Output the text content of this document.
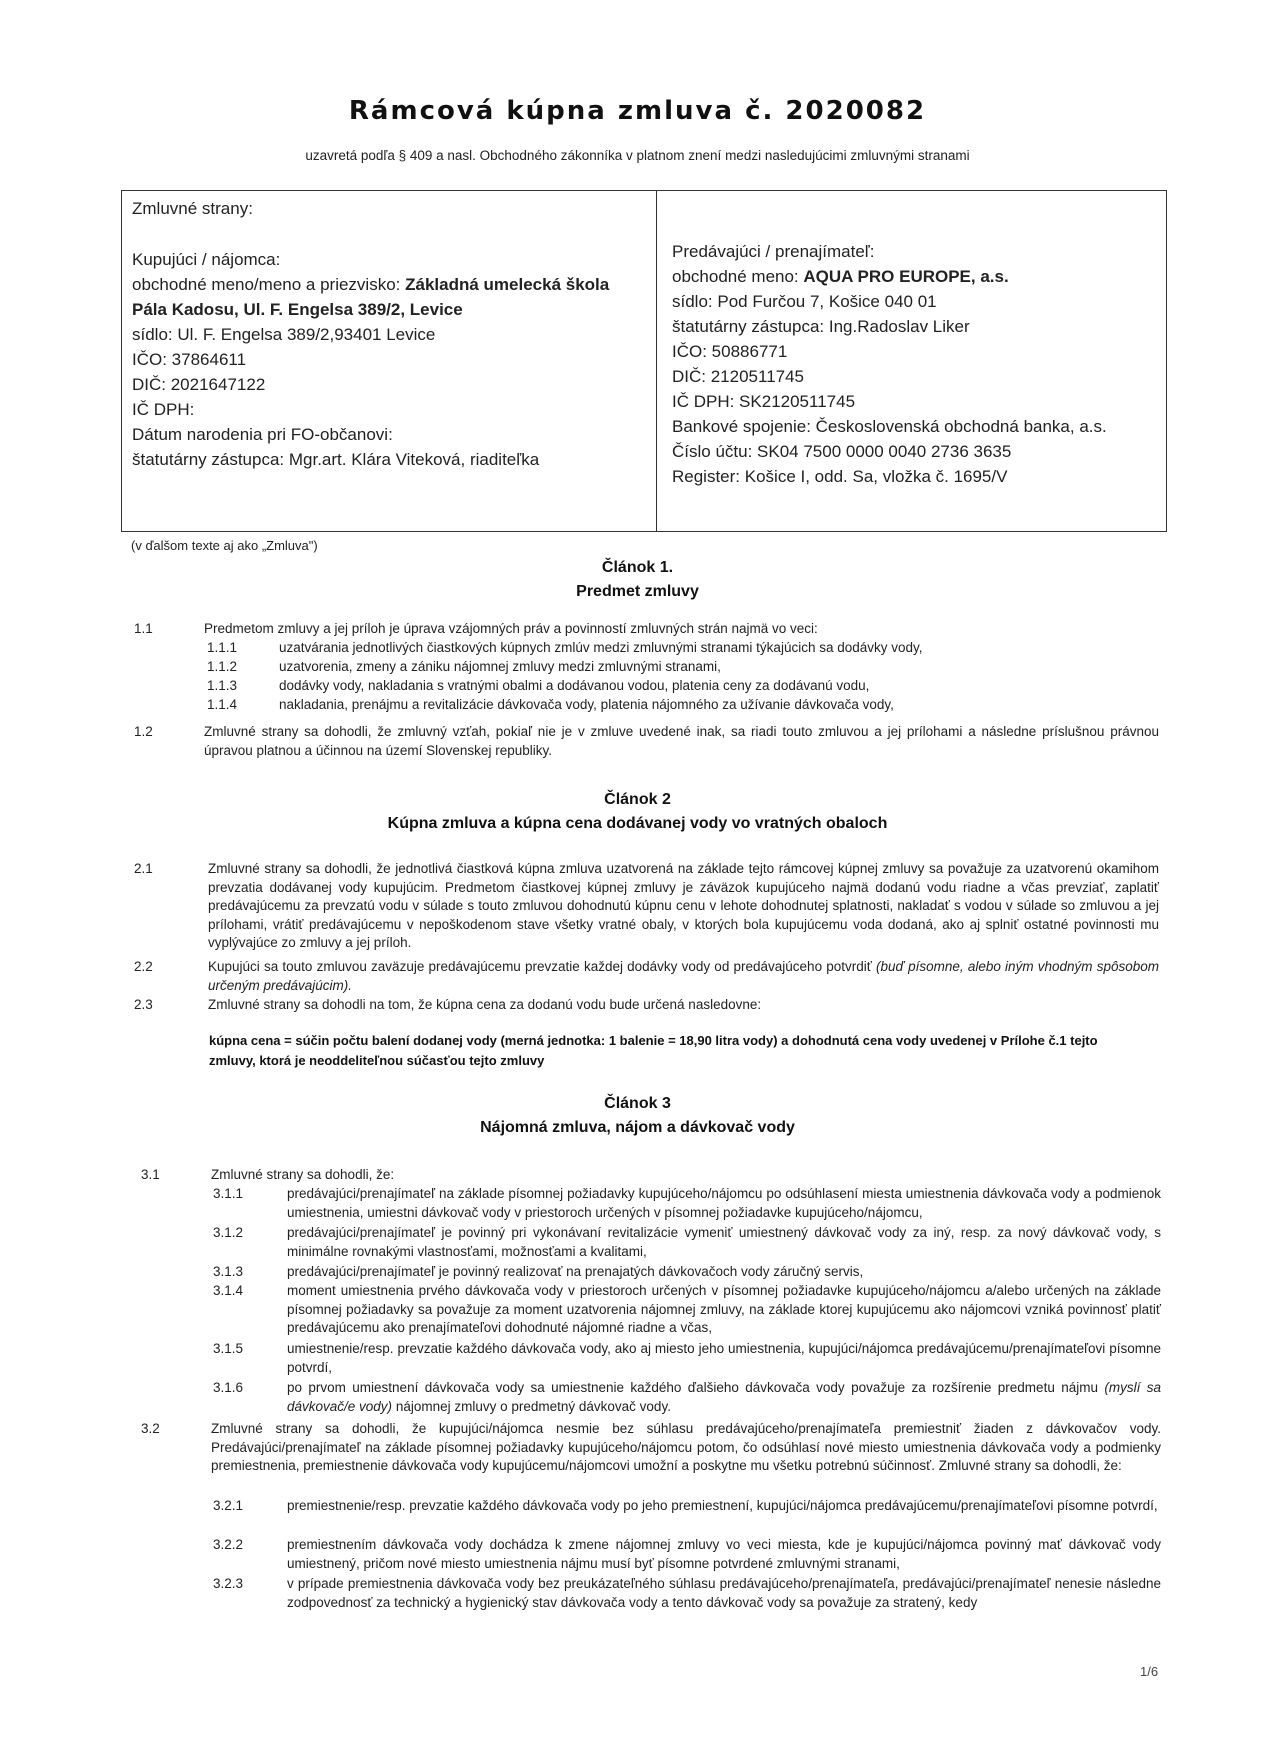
Rámcová kúpna zmluva č. 2020082
uzavretá podľa § 409 a nasl. Obchodného zákonníka v platnom znení medzi nasledujúcimi zmluvnými stranami
Zmluvné strany:
Kupujúci / nájomca:
obchodné meno/meno a priezvisko: Základná umelecká škola
Pála Kadosu, Ul. F. Engelsa 389/2, Levice
sídlo: Ul. F. Engelsa 389/2,93401 Levice
IČO: 37864611
DIČ: 2021647122
IČ DPH:
Dátum narodenia pri FO-občanovi:
štatutárny zástupca: Mgr.art. Klára Viteková, riaditeľka
Predávajúci / prenajímateľ:
obchodné meno: AQUA PRO EUROPE, a.s.
sídlo: Pod Furčou 7, Košice 040 01
štatutárny zástupca: Ing.Radoslav Liker
IČO: 50886771
DIČ: 2120511745
IČ DPH: SK2120511745
Bankové spojenie: Československá obchodná banka, a.s.
Číslo účtu: SK04 7500 0000 0040 2736 3635
Register: Košice I, odd. Sa, vložka č. 1695/V
(v ďalšom texte aj ako „Zmluva")
Článok 1.
Predmet zmluvy
1.1	Predmetom zmluvy a jej príloh je úprava vzájomných práv a povinností zmluvných strán najmä vo veci:
1.1.1	uzatvárania jednotlivých čiastkových kúpnych zmlúv medzi zmluvnými stranami týkajúcich sa dodávky vody,
1.1.2	uzatvorenia, zmeny a zániku nájomnej zmluvy medzi zmluvnými stranami,
1.1.3	dodávky vody, nakladania s vratnými obalmi a dodávanou vodou, platenia ceny za dodávanú vodu,
1.1.4	nakladania, prenájmu a revitalizácie dávkovača vody, platenia nájomného za užívanie dávkovača vody,
1.2	Zmluvné strany sa dohodli, že zmluvný vzťah, pokiaľ nie je v zmluve uvedené inak, sa riadi touto zmluvou a jej prílohami a následne príslušnou právnou úpravou platnou a účinnou na území Slovenskej republiky.
Článok 2
Kúpna zmluva a kúpna cena dodávanej vody vo vratných obaloch
2.1	Zmluvné strany sa dohodli, že jednotlivá čiastková kúpna zmluva uzatvorená na základe tejto rámcovej kúpnej zmluvy sa považuje za uzatvorenú okamihom prevzatia dodávanej vody kupujúcim. Predmetom čiastkovej kúpnej zmluvy je záväzok kupujúceho najmä dodanú vodu riadne a včas prevziať, zaplatiť predávajúcemu za prevzatú vodu v súlade s touto zmluvou dohodnutú kúpnu cenu v lehote dohodnutej splatnosti, nakladať s vodou v súlade so zmluvou a jej prílohami, vrátiť predávajúcemu v nepoškodenom stave všetky vratné obaly, v ktorých bola kupujúcemu voda dodaná, ako aj splniť ostatné povinnosti mu vyplývajúce zo zmluvy a jej príloh.
2.2	Kupujúci sa touto zmluvou zaväzuje predávajúcemu prevzatie každej dodávky vody od predávajúceho potvrdiť (buď písomne, alebo iným vhodným spôsobom určeným predávajúcim).
2.3	Zmluvné strany sa dohodli na tom, že kúpna cena za dodanú vodu bude určená nasledovne:
kúpna cena = súčin počtu balení dodanej vody (merná jednotka: 1 balenie = 18,90 litra vody) a dohodnutá cena vody uvedenej v Prílohe č.1 tejto zmluvy, ktorá je neoddeliteľnou súčasťou tejto zmluvy
Článok 3
Nájomná zmluva, nájom a dávkovač vody
3.1	Zmluvné strany sa dohodli, že:
3.1.1	predávajúci/prenajímateľ na základe písomnej požiadavky kupujúceho/nájomcu po odsúhlasení miesta umiestnenia dávkovača vody a podmienok umiestnenia, umiestni dávkovač vody v priestoroch určených v písomnej požiadavke kupujúceho/nájomcu,
3.1.2	predávajúci/prenajímateľ je povinný pri vykonávaní revitalizácie vymeniť umiestnený dávkovač vody za iný, resp. za nový dávkovač vody, s minimálne rovnakými vlastnosťami, možnosťami a kvalitami,
3.1.3	predávajúci/prenajímateľ je povinný realizovať na prenajatých dávkovačoch vody záručný servis,
3.1.4	moment umiestnenia prvého dávkovača vody v priestoroch určených v písomnej požiadavke kupujúceho/nájomcu a/alebo určených na základe písomnej požiadavky sa považuje za moment uzatvorenia nájomnej zmluvy, na základe ktorej kupujúcemu ako nájomcovi vzniká povinnosť platiť predávajúcemu ako prenajímateľovi dohodnuté nájomné riadne a včas,
3.1.5	umiestnenie/resp. prevzatie každého dávkovača vody, ako aj miesto jeho umiestnenia, kupujúci/nájomca predávajúcemu/prenajímateľovi písomne potvrdí,
3.1.6	po prvom umiestnení dávkovača vody sa umiestnenie každého ďalšieho dávkovača vody považuje za rozšírenie predmetu nájmu (myslí sa dávkovač/e vody) nájomnej zmluvy o predmetný dávkovač vody.
3.2	Zmluvné strany sa dohodli, že kupujúci/nájomca nesmie bez súhlasu predávajúceho/prenajímateľa premiestniť žiaden z dávkovačov vody. Predávajúci/prenajímateľ na základe písomnej požiadavky kupujúceho/nájomcu potom, čo odsúhlasí nové miesto umiestnenia dávkovača vody a podmienky premiestnenia, premiestnenie dávkovača vody kupujúcemu/nájomcovi umožní a poskytne mu všetku potrebnú súčinnosť. Zmluvné strany sa dohodli, že:
3.2.1	premiestnenie/resp. prevzatie každého dávkovača vody po jeho premiestnení, kupujúci/nájomca predávajúcemu/prenajímateľovi písomne potvrdí,
3.2.2	premiestnením dávkovača vody dochádza k zmene nájomnej zmluvy vo veci miesta, kde je kupujúci/nájomca povinný mať dávkovač vody umiestnený, pričom nové miesto umiestnenia nájmu musí byť písomne potvrdené zmluvnými stranami,
3.2.3	v prípade premiestnenia dávkovača vody bez preukázateľného súhlasu predávajúceho/prenajímateľa, predávajúci/prenajímateľ nenesie následne zodpovednosť za technický a hygienický stav dávkovača vody a tento dávkovač vody sa považuje za stratený, kedy
1/6
